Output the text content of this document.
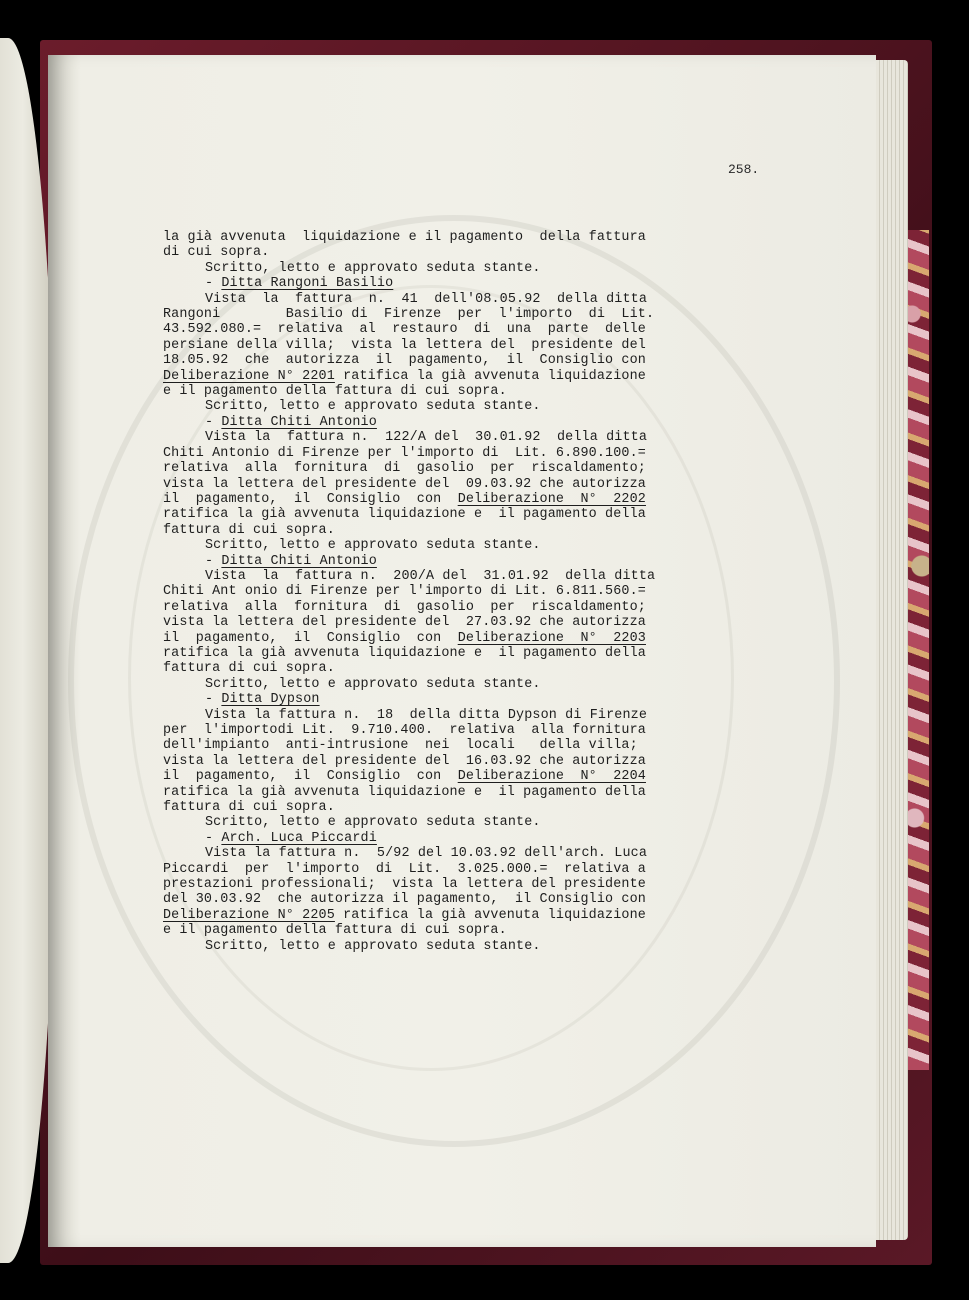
258.
la già avvenuta  liquidazione e il pagamento  della fattura
di cui sopra.
Scritto, letto e approvato seduta stante.
- Ditta Rangoni Basilio
Vista  la  fattura  n.  41  dell'08.05.92  della ditta
Rangoni        Basilio di  Firenze  per  l'importo  di  Lit.
43.592.080.=  relativa  al  restauro  di  una  parte  delle
persiane della villa;  vista la lettera del  presidente del
18.05.92  che  autorizza  il  pagamento,  il  Consiglio con
Deliberazione N° 2201 ratifica la già avvenuta liquidazione
e il pagamento della fattura di cui sopra.
Scritto, letto e approvato seduta stante.
- Ditta Chiti Antonio
Vista la  fattura n.  122/A del  30.01.92  della ditta
Chiti Antonio di Firenze per l'importo di  Lit. 6.890.100.=
relativa  alla  fornitura  di  gasolio  per  riscaldamento;
vista la lettera del presidente del  09.03.92 che autorizza
il  pagamento,  il  Consiglio  con  Deliberazione  N°  2202
ratifica la già avvenuta liquidazione e  il pagamento della
fattura di cui sopra.
Scritto, letto e approvato seduta stante.
- Ditta Chiti Antonio
Vista  la  fattura n.  200/A del  31.01.92  della ditta
Chiti Ant onio di Firenze per l'importo di Lit. 6.811.560.=
relativa  alla  fornitura  di  gasolio  per  riscaldamento;
vista la lettera del presidente del  27.03.92 che autorizza
il  pagamento,  il  Consiglio  con  Deliberazione  N°  2203
ratifica la già avvenuta liquidazione e  il pagamento della
fattura di cui sopra.
Scritto, letto e approvato seduta stante.
- Ditta Dypson
Vista la fattura n.  18  della ditta Dypson di Firenze
per  l'importodi Lit.  9.710.400.  relativa  alla fornitura
dell'impianto  anti-intrusione  nei  locali   della villa;
vista la lettera del presidente del  16.03.92 che autorizza
il  pagamento,  il  Consiglio  con  Deliberazione  N°  2204
ratifica la già avvenuta liquidazione e  il pagamento della
fattura di cui sopra.
Scritto, letto e approvato seduta stante.
- Arch. Luca Piccardi
Vista la fattura n.  5/92 del 10.03.92 dell'arch. Luca
Piccardi  per  l'importo  di  Lit.  3.025.000.=  relativa a
prestazioni professionali;  vista la lettera del presidente
del 30.03.92  che autorizza il pagamento,  il Consiglio con
Deliberazione N° 2205 ratifica la già avvenuta liquidazione
e il pagamento della fattura di cui sopra.
Scritto, letto e approvato seduta stante.
